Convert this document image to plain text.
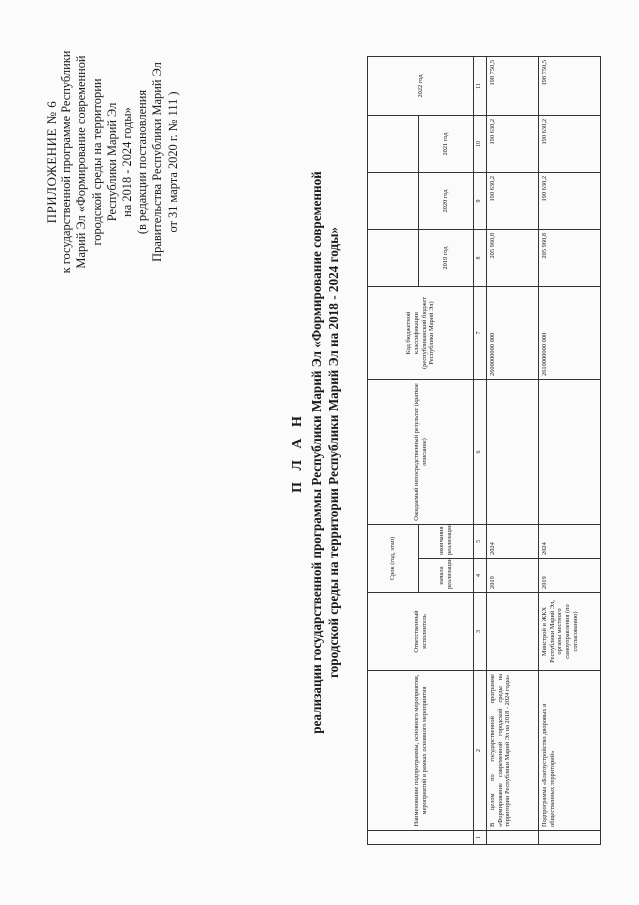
ПРИЛОЖЕНИЕ № 6 к государственной программе Республики Марий Эл «Формирование современной городской среды на территории Республики Марий Эл на 2018 - 2024 годы» (в редакции постановления Правительства Республики Марий Эл от 31 марта 2020 г. № 111 )
П Л А Н реализации государственной программы Республики Марий Эл «Формирование современной городской среды на территории Республики Марий Эл на 2018 - 2024 годы»
	Наименование подпрограммы, основного мероприятия, мероприятий в рамках основного мероприятия	Ответственный исполнитель	Срок (год, этап)		Ожидаемый непосредственный результат (краткое описание)	Код бюджетной классификации (республиканский бюджет Республики Марий Эл)				2022 год
			начала реализации	окончания реализации			2019 год	2020 год	2021 год	
1	2	3	4	5	6	7	8	9	10	11
	В целом по государственной программе «Формирование современной городской среды на территории Республики Марий Эл на 2018 - 2024 годы»		2019	2024		2600000000 000	205 960,8	190 630,2	190 630,2	198 750,5
	Подпрограмма «Благоустройство дворовых и общественных территорий»	Минстрой и ЖКХ Республики Марий Эл, органы местного самоуправления (по согласованию)	2019	2024		2610000000 000	205 960,8	190 630,2	190 630,2	198 750,5
